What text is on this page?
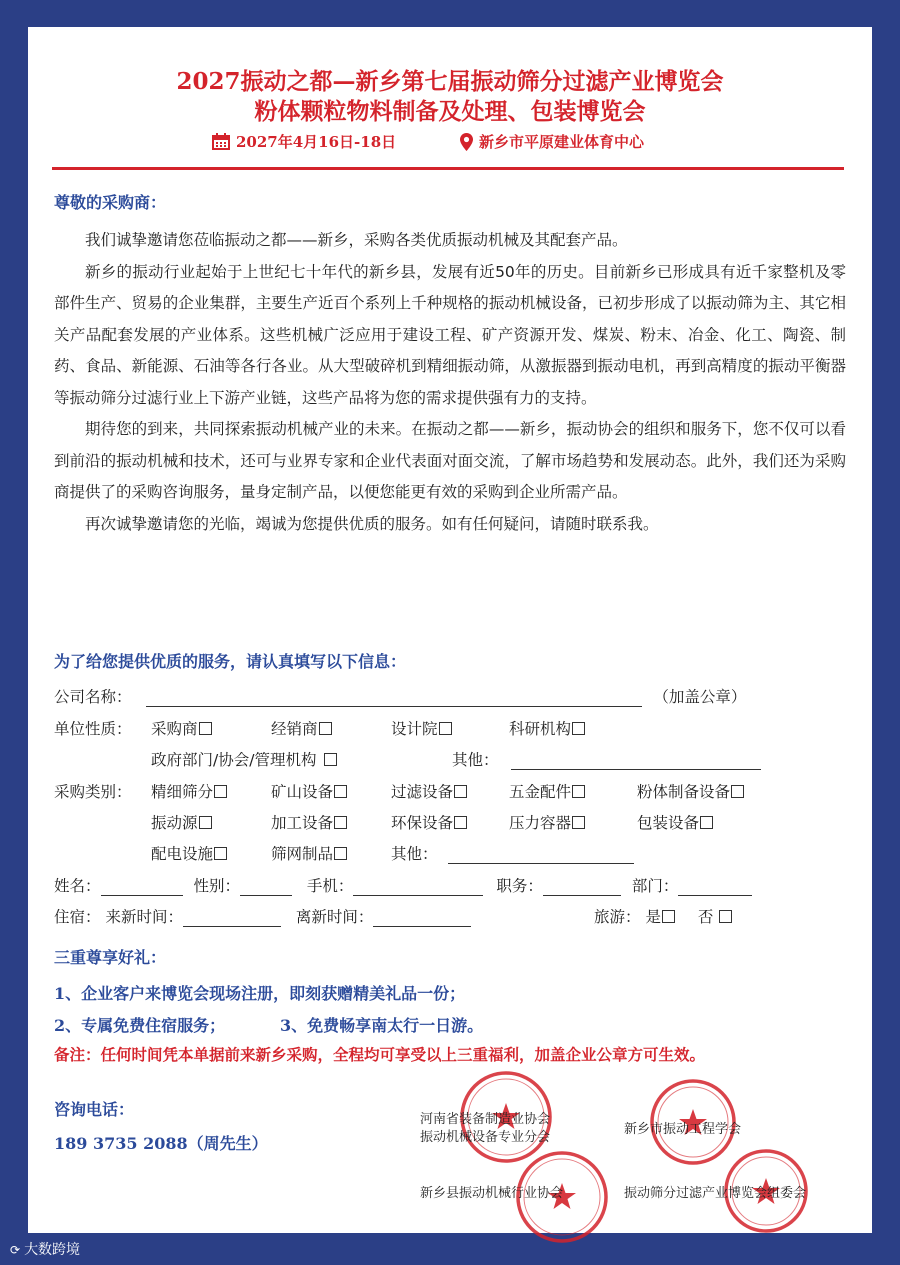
2027振动之都—新乡第七届振动筛分过滤产业博览会
粉体颗粒物料制备及处理、包装博览会
2027年4月16日-18日	新乡市平原建业体育中心
尊敬的采购商：

我们诚挚邀请您莅临振动之都——新乡，采购各类优质振动机械及其配套产品。

新乡的振动行业起始于上世纪七十年代的新乡县，发展有近50年的历史。目前新乡已形成具有近千家整机及零部件生产、贸易的企业集群，主要生产近百个系列上千种规格的振动机械设备，已初步形成了以振动筛为主、其它相关产品配套发展的产业体系。这些机械广泛应用于建设工程、矿产资源开发、煤炭、粉末、冶金、化工、陶瓷、制药、食品、新能源、石油等各行各业。从大型破碎机到精细振动筛，从激振器到振动电机，再到高精度的振动平衡器等振动筛分过滤行业上下游产业链，这些产品将为您的需求提供强有力的支持。

期待您的到来，共同探索振动机械产业的未来。在振动之都——新乡，振动协会的组织和服务下，您不仅可以看到前沿的振动机械和技术，还可与业界专家和企业代表面对面交流，了解市场趋势和发展动态。此外，我们还为采购商提供了的采购咨询服务，量身定制产品，以便您能更有效的采购到企业所需产品。

再次诚挚邀请您的光临，竭诚为您提供优质的服务。如有任何疑问，请随时联系我。

为了给您提供优质的服务，请认真填写以下信息：
公司名称：	（加盖公章）
单位性质： 采购商	经销商	设计院	科研机构
政府部门/协会/管理机构	其他：
采购类别： 精细筛分	矿山设备	过滤设备	五金配件	粉体制备设备
振动源	加工设备	环保设备	压力容器	包装设备
配电设施	筛网制品	其他：
姓名：	性别：	手机：	职务：	部门：
住宿： 来新时间：	离新时间：	旅游： 是 否
三重尊享好礼：
1、企业客户来博览会现场注册，即刻获赠精美礼品一份；
2、专属免费住宿服务；	3、免费畅享南太行一日游。
备注：任何时间凭本单据前来新乡采购，全程均可享受以上三重福利，加盖企业公章方可生效。
咨询电话：
189 3735 2088（周先生）
河南省装备制造业协会
振动机械设备专业分会
新乡市振动工程学会
新乡县振动机械行业协会	振动筛分过滤产业博览会组委会
⟳ 大数跨境
